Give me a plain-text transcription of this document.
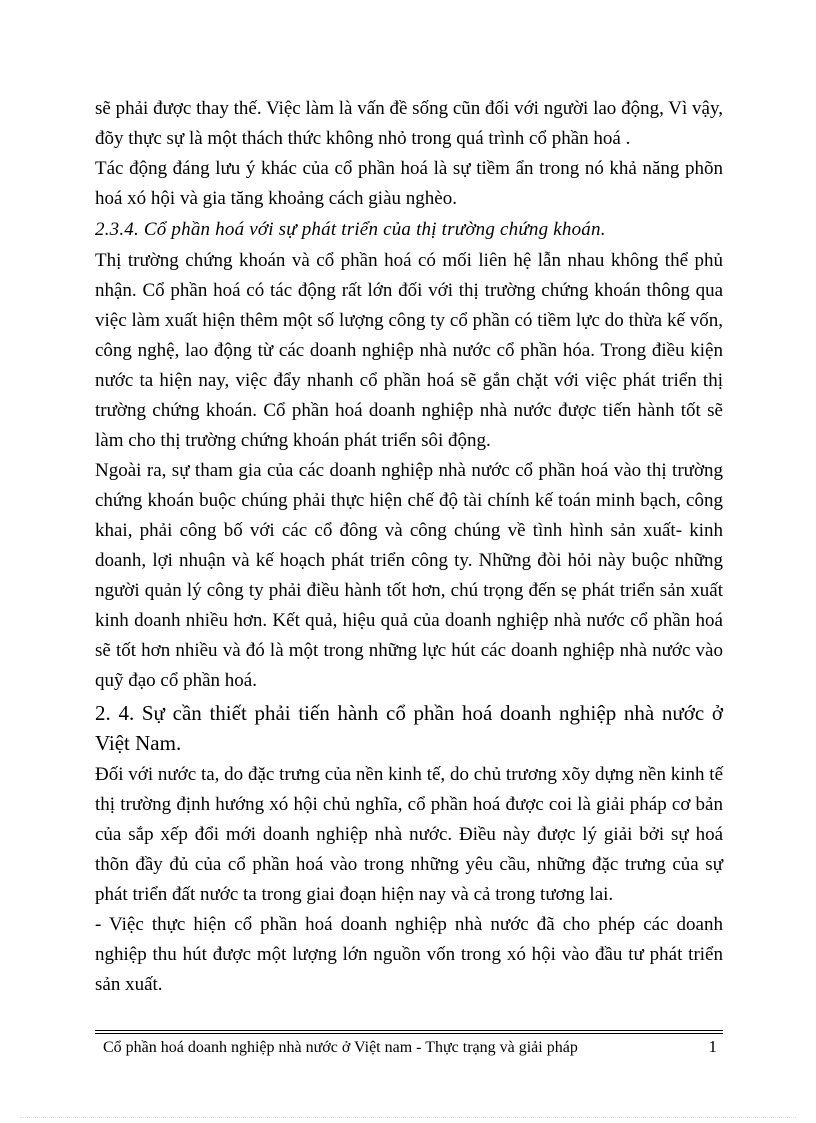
sẽ phải được thay thế. Việc làm là vấn đề sống cũn đối với người lao động, Vì vậy, đõy thực sự là một thách thức không nhỏ trong quá trình cổ phần hoá .

Tác động đáng lưu ý khác của cổ phần hoá là sự tiềm ẩn trong nó khả năng phõn hoá xó hội và gia tăng khoảng cách giàu nghèo.

2.3.4. Cổ phần hoá với sự phát triển của thị trường chứng khoán.

Thị trường chứng khoán và cổ phần hoá có mối liên hệ lẫn nhau không thể phủ nhận. Cổ phần hoá có tác động rất lớn đối với thị trường chứng khoán thông qua việc làm xuất hiện thêm một số lượng công ty cổ phần có tiềm lực do thừa kế vốn, công nghệ, lao động từ các doanh nghiệp nhà nước cổ phần hóa. Trong điều kiện nước ta hiện nay, việc đẩy nhanh cổ phần hoá sẽ gắn chặt với việc phát triển thị trường chứng khoán. Cổ phần hoá doanh nghiệp nhà nước được tiến hành tốt sẽ làm cho thị trường chứng khoán phát triển sôi động.

Ngoài ra, sự tham gia của các doanh nghiệp nhà nước cổ phần hoá vào thị trường chứng khoán buộc chúng phải thực hiện chế độ tài chính kế toán minh bạch, công khai, phải công bố với các cổ đông và công chúng về tình hình sản xuất- kinh doanh, lợi nhuận và kế hoạch phát triển công ty. Những đòi hỏi này buộc những người quản lý công ty phải điều hành tốt hơn, chú trọng đến sẹ phát triển sản xuất kinh doanh nhiều hơn. Kết quả, hiệu quả của doanh nghiệp nhà nước cổ phần hoá sẽ tốt hơn nhiều và đó là một trong những lực hút các doanh nghiệp nhà nước vào quỹ đạo cổ phần hoá.

2. 4. Sự cần thiết phải tiến hành cổ phần hoá doanh nghiệp nhà nước ở Việt Nam.

Đối với nước ta, do đặc trưng của nền kinh tế, do chủ trương xõy dựng nền kinh tế thị trường định hướng xó hội chủ nghĩa, cổ phần hoá được coi là giải pháp cơ bản của sắp xếp đổi mới doanh nghiệp nhà nước. Điều này được lý giải bởi sự hoá thõn đầy đủ của cổ phần hoá vào trong những yêu cầu, những đặc trưng của sự phát triển đất nước ta trong giai đoạn hiện nay và cả trong tương lai.

- Việc thực hiện cổ phần hoá doanh nghiệp nhà nước đã cho phép các doanh nghiệp thu hút được một lượng lớn nguồn vốn trong xó hội vào đầu tư phát triển sản xuất.

Cổ phần hoá doanh nghiệp nhà nước ở Việt nam - Thực trạng và giải pháp	1
